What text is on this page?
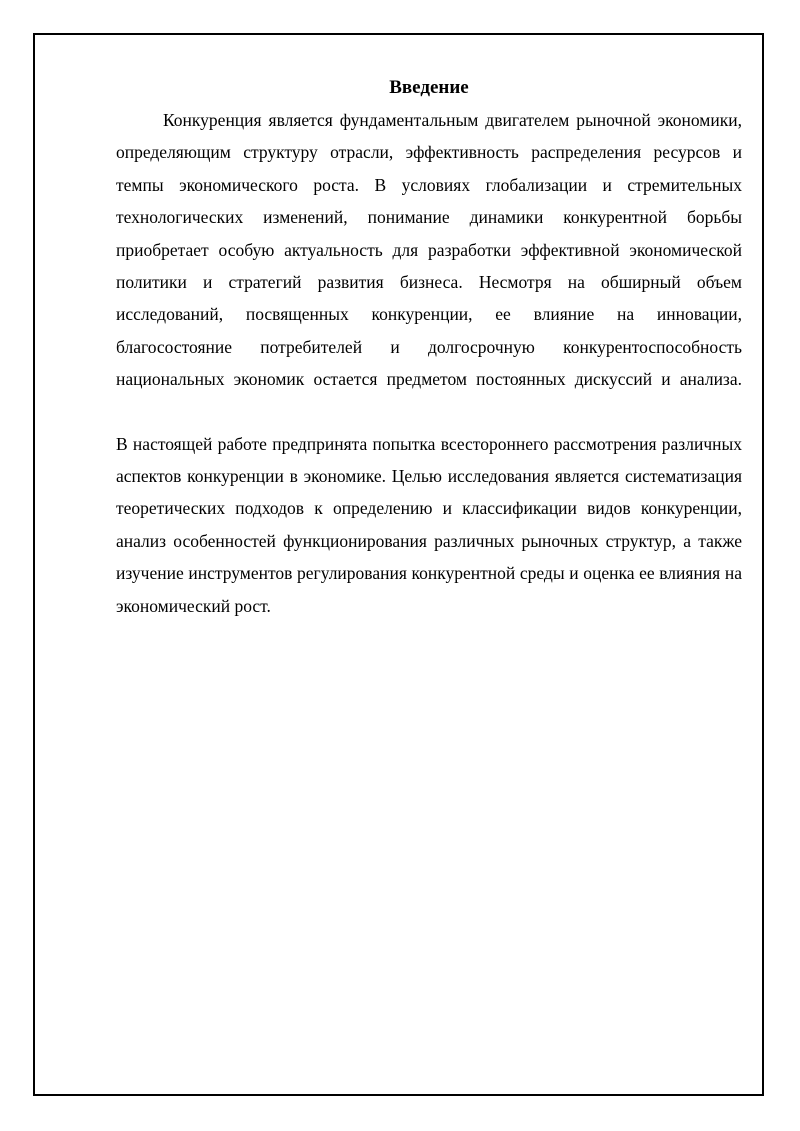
Введение

Конкуренция является фундаментальным двигателем рыночной экономики, определяющим структуру отрасли, эффективность распределения ресурсов и темпы экономического роста. В условиях глобализации и стремительных технологических изменений, понимание динамики конкурентной борьбы приобретает особую актуальность для разработки эффективной экономической политики и стратегий развития бизнеса. Несмотря на обширный объем исследований, посвященных конкуренции, ее влияние на инновации, благосостояние потребителей и долгосрочную конкурентоспособность национальных экономик остается предметом постоянных дискуссий и анализа.

В настоящей работе предпринята попытка всестороннего рассмотрения различных аспектов конкуренции в экономике. Целью исследования является систематизация теоретических подходов к определению и классификации видов конкуренции, анализ особенностей функционирования различных рыночных структур, а также изучение инструментов регулирования конкурентной среды и оценка ее влияния на экономический рост.
